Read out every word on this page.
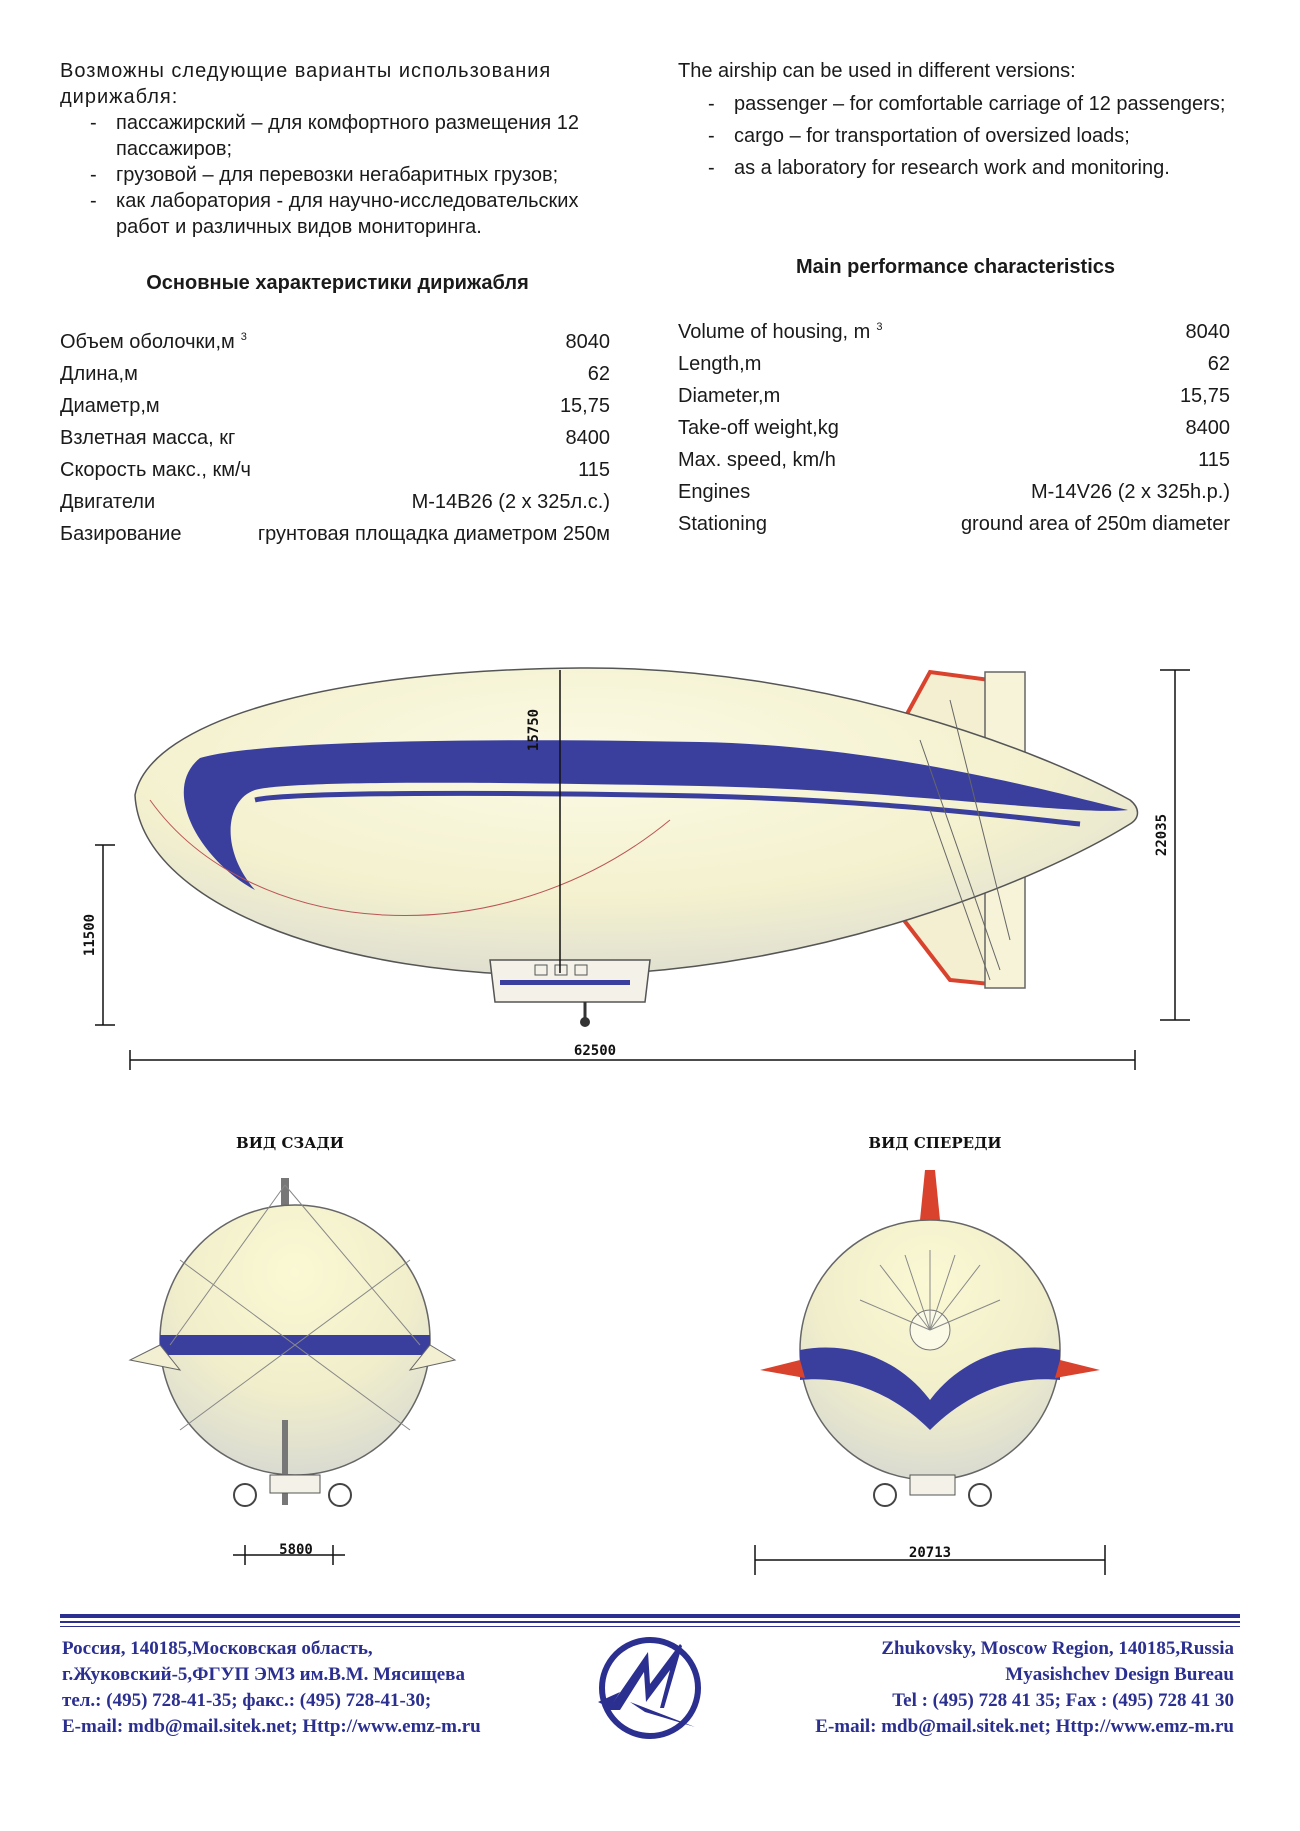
Возможны следующие варианты использования дирижабля:

- пассажирский – для комфортного размещения 12 пассажиров;
- грузовой – для перевозки негабаритных грузов;
- как лаборатория - для научно-исследовательских работ и различных видов мониторинга.
Основные характеристики дирижабля
Объем оболочки,м $^3$	8040
Длина,м	62
Диаметр,м	15,75
Взлетная масса, кг	8400
Скорость макс., км/ч	115
Двигатели	М-14В26 (2 x 325л.с.)
Базирование	грунтовая площадка диаметром 250м

The airship can be used in different versions:

- passenger – for comfortable carriage of 12 passengers;
- cargo – for transportation of oversized loads;
- as a laboratory for research work and monitoring.
Main performance characteristics
Volume of housing, m $^3$	8040
Length,m	62
Diameter,m	15,75
Take-off weight,kg	8400
Max. speed, km/h	115
Engines	M-14V26 (2 x 325h.p.)
Stationing	ground area of 250m diameter
15750
22035
11500
62500
ВИД СЗАДИ
5800
ВИД СПЕРЕДИ
20713
Россия, 140185,Московская область,
г.Жуковский-5,ФГУП ЭМЗ им.В.М. Мясищева
тел.: (495) 728-41-35; факс.: (495) 728-41-30;
E-mail: mdb@mail.sitek.net; Http://www.emz-m.ru
Zhukovsky, Moscow Region, 140185,Russia
Myasishchev Design Bureau
Tel : (495) 728 41 35; Fax : (495) 728 41 30
E-mail: mdb@mail.sitek.net; Http://www.emz-m.ru
